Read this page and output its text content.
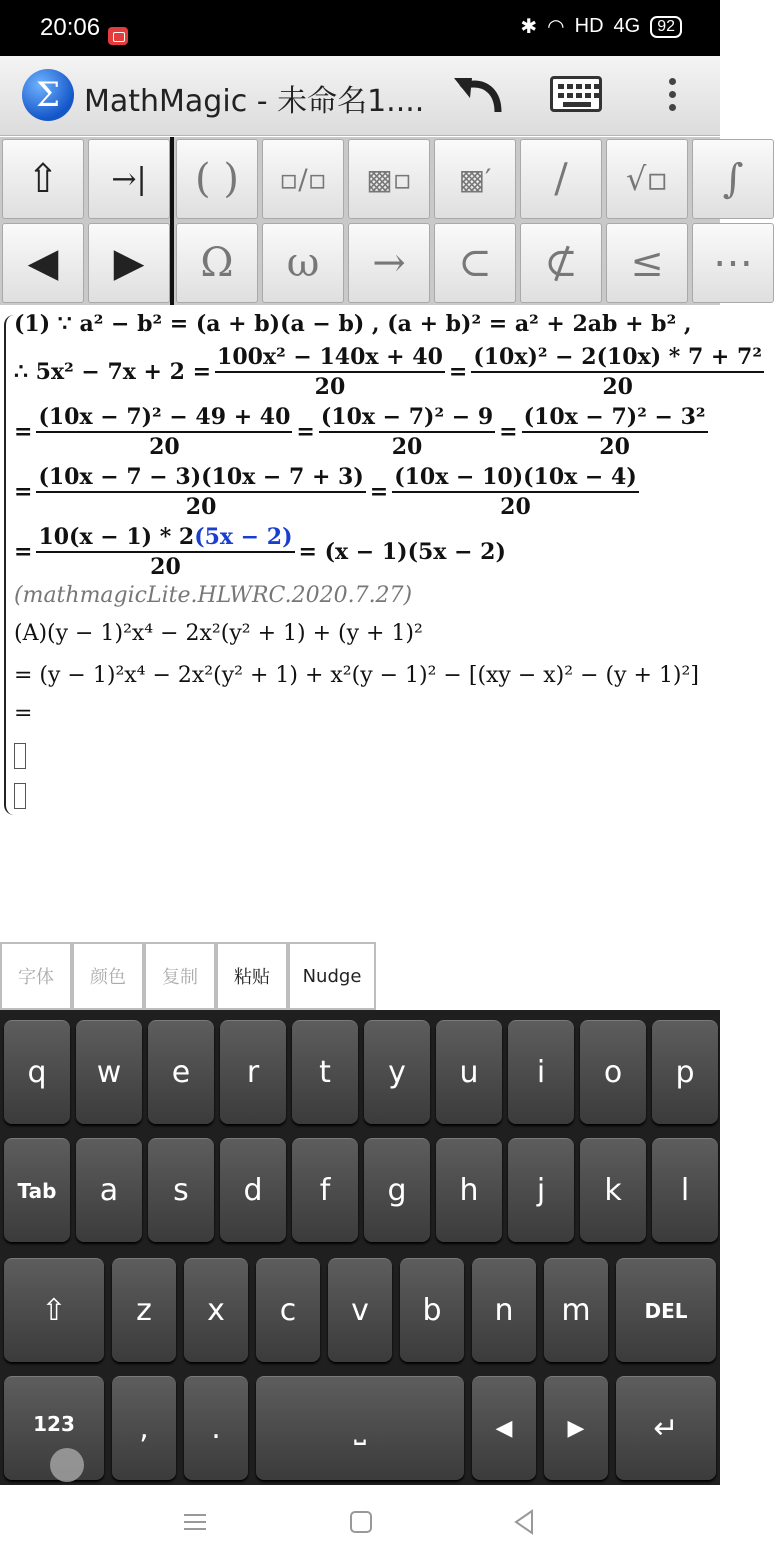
20:06	✱ ◠ HD 4G	92
Σ MathMagic - 未命名1....
⇧ →| ( ) ▫/▫ ▩▫ ▩′ / √▫ ∫
◀ ▶ Ω ω → ⊂ ⊄ ≤ ⋯
(1) ∵ a² − b² = (a + b)(a − b) , (a + b)² = a² + 2ab + b² ,
∴ $5x^2 - 7x + 2 = \frac{\text{100x² − 140x + 40}}{20} = \frac{\text{(10x)² − 2(10x) * 7 + 7²}}{20}$
= $\frac{\text{(10x − 7)² − 49 + 40}}{20} = \frac{\text{(10x − 7)² − 9}}{20} = \frac{\text{(10x − 7)² − 3²}}{20}$
= $\frac{(10x - 7 - 3)(10x - 7 + 3)}{20} = \frac{(10x - 10)(10x - 4)}{20}$
= $\frac{10(x - 1) * 2(5x - 2)}{20} = (x - 1)(5x - 2)$
(mathmagicLite.HLWRC.2020.7.27)
(A)(y − 1)²x⁴ − 2x²(y² + 1) + (y + 1)²
= (y − 1)²x⁴ − 2x²(y² + 1) + x²(y − 1)² − [(xy − x)² − (y + 1)²]
=
字体	颜色	复制	粘贴	Nudge
q	w	e	r	t	y	u	i	o	p
Tab	a	s	d	f	g	h	j	k	l
⇧	z	x	c	v	b	n	m	DEL
123	,	.	⎵	◀	▶	↵
